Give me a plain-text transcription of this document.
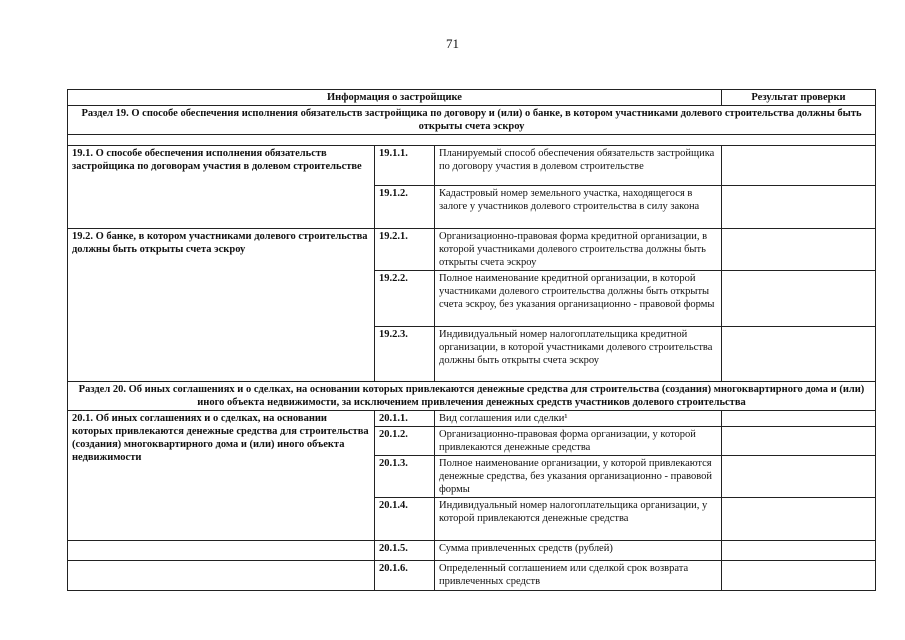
71
Информация о застройщике			Результат проверки
Раздел 19. О способе обеспечения исполнения обязательств застройщика по договору и (или) о банке, в котором участниками долевого строительства должны быть открыты счета эскроу			

19.1. О способе обеспечения исполнения обязательств застройщика по договорам участия в долевом строительстве	19.1.1.	Планируемый способ обеспечения обязательств застройщика по договору участия в долевом строительстве	
	19.1.2.	Кадастровый номер земельного участка, находящегося в залоге у участников долевого строительства в силу закона	
19.2. О банке, в котором участниками долевого строительства должны быть открыты счета эскроу	19.2.1.	Организационно-правовая форма кредитной организации, в которой участниками долевого строительства должны быть открыты счета эскроу	
	19.2.2.	Полное наименование кредитной организации, в которой участниками долевого строительства должны быть открыты счета эскроу, без указания организационно - правовой формы	
	19.2.3.	Индивидуальный номер налогоплательщика кредитной организации, в которой участниками долевого строительства должны быть открыты счета эскроу	
Раздел 20. Об иных соглашениях и о сделках, на основании которых привлекаются денежные средства для строительства (создания) многоквартирного дома и (или) иного объекта недвижимости, за исключением привлечения денежных средств участников долевого строительства			
20.1. Об иных соглашениях и о сделках, на основании которых привлекаются денежные средства для строительства (создания) многоквартирного дома и (или) иного объекта недвижимости	20.1.1.	Вид соглашения или сделки¹	
	20.1.2.	Организационно-правовая форма организации, у которой привлекаются денежные средства	
	20.1.3.	Полное наименование организации, у которой привлекаются денежные средства, без указания организационно - правовой формы	
	20.1.4.	Индивидуальный номер налогоплательщика организации, у которой привлекаются денежные средства	
	20.1.5.	Сумма привлеченных средств (рублей)	
	20.1.6.	Определенный соглашением или сделкой срок возврата привлеченных средств	
